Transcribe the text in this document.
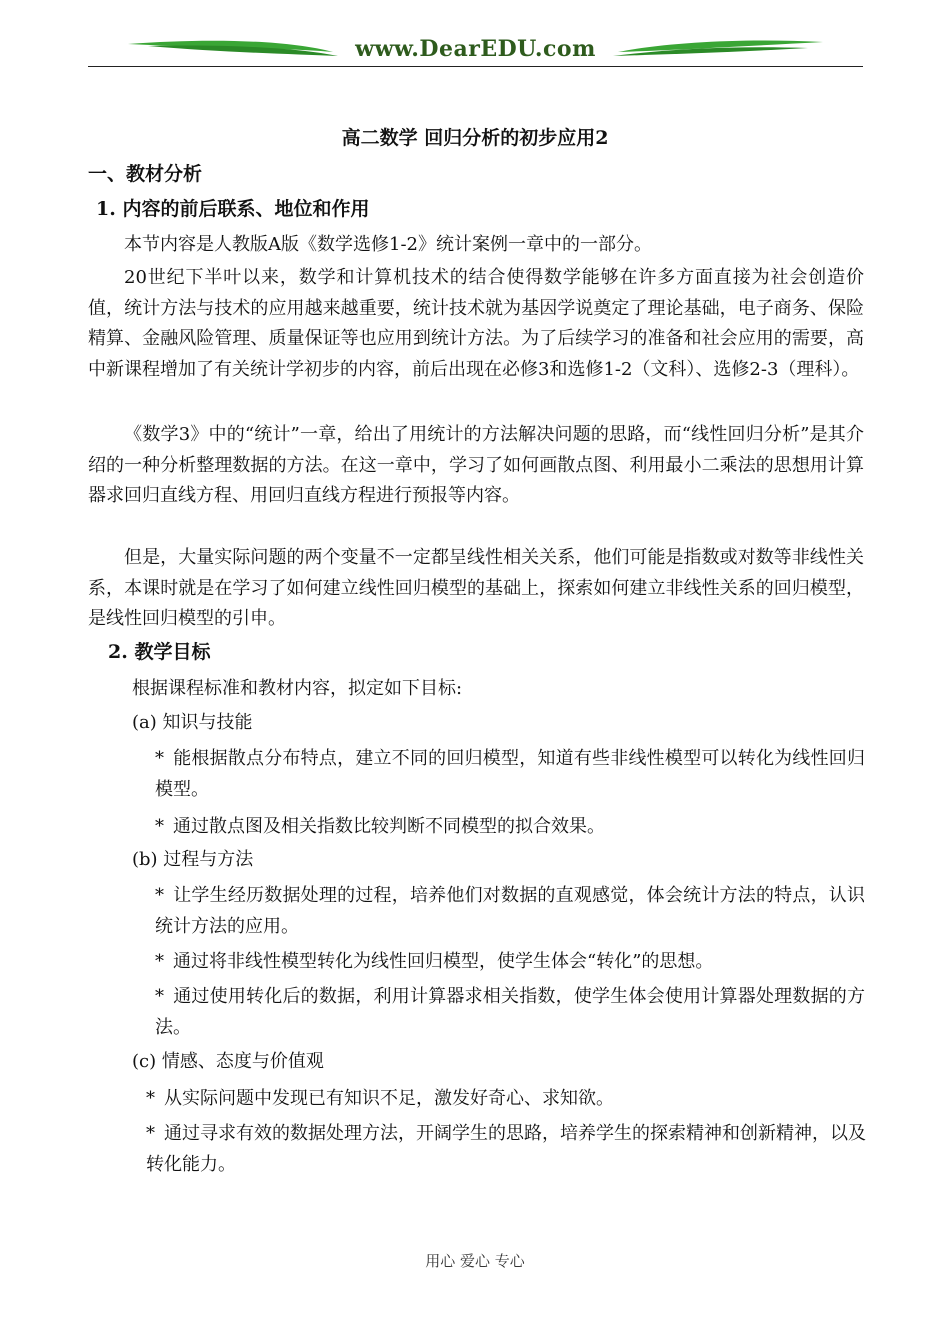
www.DearEDU.com
高二数学 回归分析的初步应用2
一、教材分析
1. 内容的前后联系、地位和作用
本节内容是人教版A版《数学选修1-2》统计案例一章中的一部分。
20世纪下半叶以来，数学和计算机技术的结合使得数学能够在许多方面直接为社会创造价值，统计方法与技术的应用越来越重要，统计技术就为基因学说奠定了理论基础，电子商务、保险精算、金融风险管理、质量保证等也应用到统计方法。为了后续学习的准备和社会应用的需要，高中新课程增加了有关统计学初步的内容，前后出现在必修3和选修1-2（文科）、选修2-3（理科）。
《数学3》中的“统计”一章，给出了用统计的方法解决问题的思路，而“线性回归分析”是其介绍的一种分析整理数据的方法。在这一章中，学习了如何画散点图、利用最小二乘法的思想用计算器求回归直线方程、用回归直线方程进行预报等内容。
但是，大量实际问题的两个变量不一定都呈线性相关关系，他们可能是指数或对数等非线性关系，本课时就是在学习了如何建立线性回归模型的基础上，探索如何建立非线性关系的回归模型，是线性回归模型的引申。
2. 教学目标
根据课程标准和教材内容，拟定如下目标:
(a) 知识与技能
* 能根据散点分布特点，建立不同的回归模型，知道有些非线性模型可以转化为线性回归模型。
* 通过散点图及相关指数比较判断不同模型的拟合效果。
(b) 过程与方法
* 让学生经历数据处理的过程，培养他们对数据的直观感觉，体会统计方法的特点，认识统计方法的应用。
* 通过将非线性模型转化为线性回归模型，使学生体会“转化”的思想。
* 通过使用转化后的数据，利用计算器求相关指数，使学生体会使用计算器处理数据的方法。
(c) 情感、态度与价值观
* 从实际问题中发现已有知识不足，激发好奇心、求知欲。
* 通过寻求有效的数据处理方法，开阔学生的思路，培养学生的探索精神和创新精神，以及转化能力。
用心 爱心 专心
